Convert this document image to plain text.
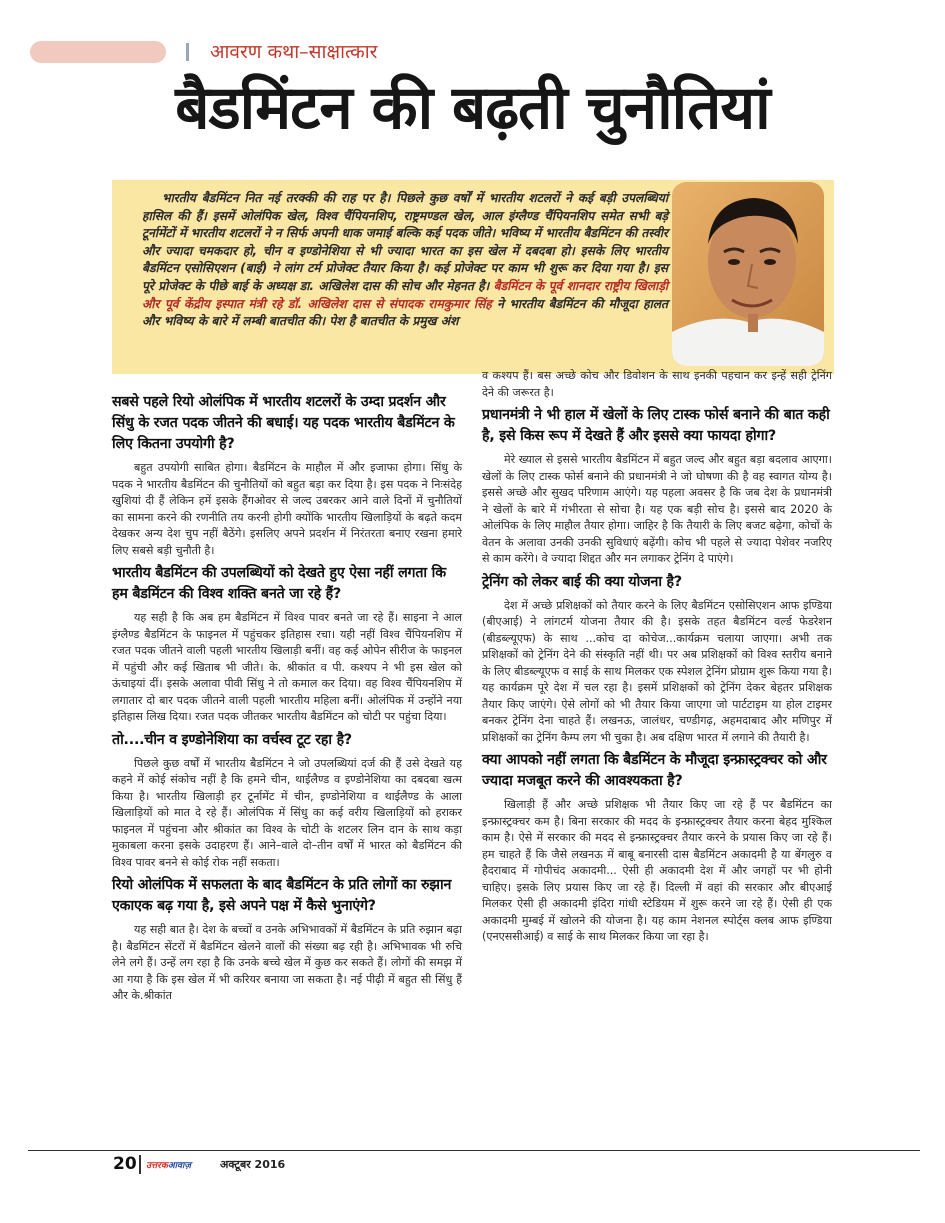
आवरण कथा–साक्षात्कार
बैडमिंटन की बढ़ती चुनौतियां
भारतीय बैडमिंटन नित नई तरक्की की राह पर है। पिछले कुछ वर्षों में भारतीय शटलरों ने कई बड़ी उपलब्धियां हासिल की हैं। इसमें ओलंपिक खेल, विश्व चैंपियनशिप, राष्ट्रमण्डल खेल, आल इंग्लैण्ड चैंपियनशिप समेत सभी बड़े टूर्नामेंटों में भारतीय शटलरों ने न सिर्फ अपनी धाक जमाई बल्कि कई पदक जीते। भविष्य में भारतीय बैडमिंटन की तस्वीर और ज्यादा चमकदार हो, चीन व इण्डोनेशिया से भी ज्यादा भारत का इस खेल में दबदबा हो। इसके लिए भारतीय बैडमिंटन एसोसिएशन (बाई) ने लांग टर्म प्रोजेक्ट तैयार किया है। कई प्रोजेक्ट पर काम भी शुरू कर दिया गया है। इस पूरे प्रोजेक्ट के पीछे बाई के अध्यक्ष डा. अखिलेश दास की सोच और मेहनत है। बैडमिंटन के पूर्व शानदार राष्ट्रीय खिलाड़ी और पूर्व केंद्रीय इस्पात मंत्री रहे डॉ. अखिलेश दास से संपादक रामकुमार सिंह ने भारतीय बैडमिंटन की मौजूदा हालत और भविष्य के बारे में लम्बी बातचीत की। पेश है बातचीत के प्रमुख अंश
सबसे पहले रियो ओलंपिक में भारतीय शटलरों के उम्दा प्रदर्शन और सिंधु के रजत पदक जीतने की बधाई। यह पदक भारतीय बैडमिंटन के लिए कितना उपयोगी है?
बहुत उपयोगी साबित होगा। बैडमिंटन के माहौल में और इजाफा होगा। सिंधु के पदक ने भारतीय बैडमिंटन की चुनौतियों को बहुत बड़ा कर दिया है। इस पदक ने निःसंदेह खुशियां दी हैं लेकिन हमें इसके हैंगओवर से जल्द उबरकर आने वाले दिनों में चुनौतियों का सामना करने की रणनीति तय करनी होगी क्योंकि भारतीय खिलाड़ियों के बढ़ते कदम देखकर अन्य देश चुप नहीं बैठेंगे। इसलिए अपने प्रदर्शन में निरंतरता बनाए रखना हमारे लिए सबसे बड़ी चुनौती है।
भारतीय बैडमिंटन की उपलब्धियों को देखते हुए ऐसा नहीं लगता कि हम बैडमिंटन की विश्व शक्ति बनते जा रहे हैं?
यह सही है कि अब हम बैडमिंटन में विश्व पावर बनते जा रहे हैं। साइना ने आल इंग्लैण्ड बैडमिंटन के फाइनल में पहुंचकर इतिहास रचा। यही नहीं विश्व चैंपियनशिप में रजत पदक जीतने वाली पहली भारतीय खिलाड़ी बनीं। वह कई ओपेन सीरीज के फाइनल में पहुंची और कई खिताब भी जीते। के. श्रीकांत व पी. कश्यप ने भी इस खेल को ऊंचाइयां दीं। इसके अलावा पीवी सिंधु ने तो कमाल कर दिया। वह विश्व चैंपियनशिप में लगातार दो बार पदक जीतने वाली पहली भारतीय महिला बनीं। ओलंपिक में उन्होंने नया इतिहास लिख दिया। रजत पदक जीतकर भारतीय बैडमिंटन को चोटी पर पहुंचा दिया।
तो....चीन व इण्डोनेशिया का वर्चस्व टूट रहा है?
पिछले कुछ वर्षों में भारतीय बैडमिंटन ने जो उपलब्धियां दर्ज की हैं उसे देखते यह कहने में कोई संकोच नहीं है कि हमने चीन, थाईलैण्ड व इण्डोनेशिया का दबदबा खत्म किया है। भारतीय खिलाड़ी हर टूर्नामेंट में चीन, इण्डोनेशिया व थाईलैण्ड के आला खिलाड़ियों को मात दे रहे हैं। ओलंपिक में सिंधु का कई वरीय खिलाड़ियों को हराकर फाइनल में पहुंचना और श्रीकांत का विश्व के चोटी के शटलर लिन दान के साथ कड़ा मुकाबला करना इसके उदाहरण हैं। आने–वाले दो–तीन वर्षों में भारत को बैडमिंटन की विश्व पावर बनने से कोई रोक नहीं सकता।
रियो ओलंपिक में सफलता के बाद बैडमिंटन के प्रति लोगों का रुझान एकाएक बढ़ गया है, इसे अपने पक्ष में कैसे भुनाएंगे?
यह सही बात है। देश के बच्चों व उनके अभिभावकों में बैडमिंटन के प्रति रुझान बढ़ा है। बैडमिंटन सेंटरों में बैडमिंटन खेलने वालों की संख्या बढ़ रही है। अभिभावक भी रुचि लेने लगे हैं। उन्हें लग रहा है कि उनके बच्चे खेल में कुछ कर सकते हैं। लोगों की समझ में आ गया है कि इस खेल में भी करियर बनाया जा सकता है। नई पीढ़ी में बहुत सी सिंधु हैं और के.श्रीकांत
व कश्यप हैं। बस अच्छे कोच और डिवोशन के साथ इनकी पहचान कर इन्हें सही ट्रेनिंग देने की जरूरत है।
प्रधानमंत्री ने भी हाल में खेलों के लिए टास्क फोर्स बनाने की बात कही है, इसे किस रूप में देखते हैं और इससे क्या फायदा होगा?
मेरे ख्याल से इससे भारतीय बैडमिंटन में बहुत जल्द और बहुत बड़ा बदलाव आएगा। खेलों के लिए टास्क फोर्स बनाने की प्रधानमंत्री ने जो घोषणा की है वह स्वागत योग्य है। इससे अच्छे और सुखद परिणाम आएंगे। यह पहला अवसर है कि जब देश के प्रधानमंत्री ने खेलों के बारे में गंभीरता से सोचा है। यह एक बड़ी सोच है। इससे बाद 2020 के ओलंपिक के लिए माहौल तैयार होगा। जाहिर है कि तैयारी के लिए बजट बढ़ेगा, कोचों के वेतन के अलावा उनकी उनकी सुविधाएं बढ़ेंगी। कोच भी पहले से ज्यादा पेशेवर नजरिए से काम करेंगे। वे ज्यादा शिद्दत और मन लगाकर ट्रेनिंग दे पाएंगे।
ट्रेनिंग को लेकर बाई की क्या योजना है?
देश में अच्छे प्रशिक्षकों को तैयार करने के लिए बैडमिंटन एसोसिएशन आफ इण्डिया (बीएआई) ने लांगटर्म योजना तैयार की है। इसके तहत बैडमिंटन वर्ल्ड फेडरेशन (बीडब्ल्यूएफ) के साथ ...कोच दा कोचेज...कार्यक्रम चलाया जाएगा। अभी तक प्रशिक्षकों को ट्रेनिंग देने की संस्कृति नहीं थी। पर अब प्रशिक्षकों को विश्व स्तरीय बनाने के लिए बीडब्ल्यूएफ व साई के साथ मिलकर एक स्पेशल ट्रेनिंग प्रोग्राम शुरू किया गया है। यह कार्यक्रम पूरे देश में चल रहा है। इसमें प्रशिक्षकों को ट्रेनिंग देकर बेहतर प्रशिक्षक तैयार किए जाएंगे। ऐसे लोगों को भी तैयार किया जाएगा जो पार्टटाइम या होल टाइमर बनकर ट्रेनिंग देना चाहते हैं। लखनऊ, जालंधर, चण्डीगढ़, अहमदाबाद और मणिपुर में प्रशिक्षकों का ट्रेनिंग कैम्प लग भी चुका है। अब दक्षिण भारत में लगाने की तैयारी है।
क्या आपको नहीं लगता कि बैडमिंटन के मौजूदा इन्फ्रास्ट्रक्चर को और ज्यादा मजबूत करने की आवश्यकता है?
खिलाड़ी हैं और अच्छे प्रशिक्षक भी तैयार किए जा रहे हैं पर बैडमिंटन का इन्फ्रास्ट्रक्चर कम है। बिना सरकार की मदद के इन्फ्रास्ट्रक्चर तैयार करना बेहद मुश्किल काम है। ऐसे में सरकार की मदद से इन्फ्रास्ट्रक्चर तैयार करने के प्रयास किए जा रहे हैं। हम चाहते हैं कि जैसे लखनऊ में बाबू बनारसी दास बैडमिंटन अकादमी है या बेंगलुरु व हैदराबाद में गोपीचंद अकादमी... ऐसी ही अकादमी देश में और जगहों पर भी होनी चाहिए। इसके लिए प्रयास किए जा रहे हैं। दिल्ली में वहां की सरकार और बीएआई मिलकर ऐसी ही अकादमी इंदिरा गांधी स्टेडियम में शुरू करने जा रहे हैं। ऐसी ही एक अकादमी मुम्बई में खोलने की योजना है। यह काम नेशनल स्पोर्ट्स क्लब आफ इण्डिया (एनएससीआई) व साई के साथ मिलकर किया जा रहा है।
20 उत्तरकआवाज़	अक्टूबर 2016
